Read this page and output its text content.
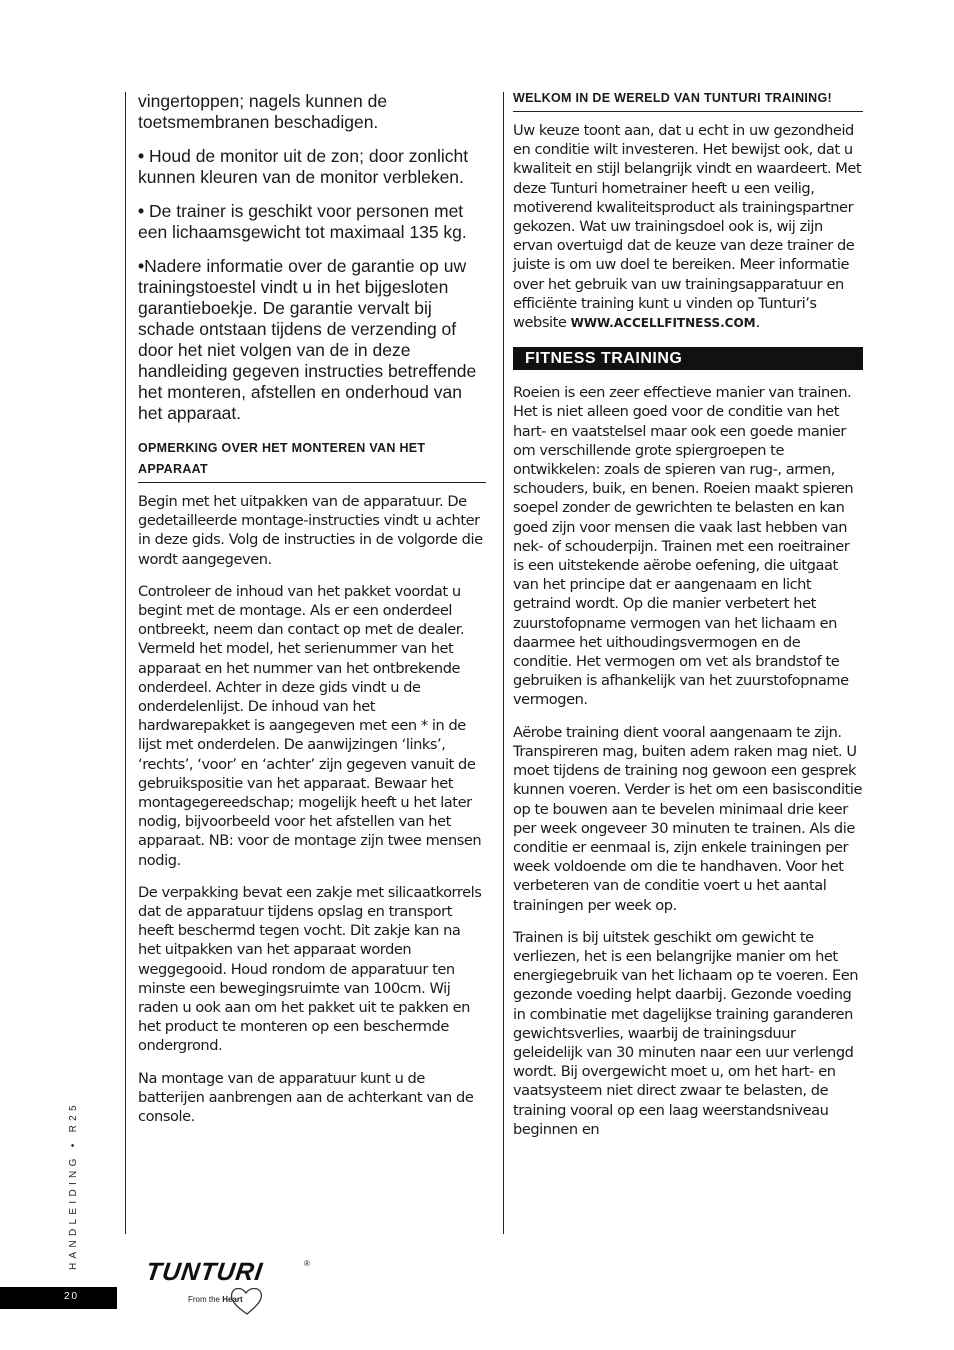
vingertoppen; nagels kunnen de toetsmembranen beschadigen.

• Houd de monitor uit de zon; door zonlicht kunnen kleuren van de monitor verbleken.

• De trainer is geschikt voor personen met een lichaamsgewicht tot maximaal 135 kg.

•Nadere informatie over de garantie op uw trainingstoestel vindt u in het bijgesloten garantieboekje. De garantie vervalt bij schade ontstaan tijdens de verzending of door het niet volgen van de in deze handleiding gegeven instructies betreffende het monteren, afstellen en onderhoud van het apparaat.

OPMERKING OVER HET MONTEREN VAN HET APPARAAT

Begin met het uitpakken van de apparatuur. De gedetailleerde montage-instructies vindt u achter in deze gids. Volg de instructies in de volgorde die wordt aangegeven.

Controleer de inhoud van het pakket voordat u begint met de montage. Als er een onderdeel ontbreekt, neem dan contact op met de dealer. Vermeld het model, het serienummer van het apparaat en het nummer van het ontbrekende onderdeel. Achter in deze gids vindt u de onderdelenlijst. De inhoud van het hardwarepakket is aangegeven met een * in de lijst met onderdelen. De aanwijzingen ‘links’, ‘rechts’, ‘voor’ en ‘achter’ zijn gegeven vanuit de gebruikspositie van het apparaat. Bewaar het montagegereedschap; mogelijk heeft u het later nodig, bijvoorbeeld voor het afstellen van het apparaat. NB: voor de montage zijn twee mensen nodig.

De verpakking bevat een zakje met silicaatkorrels dat de apparatuur tijdens opslag en transport heeft beschermd tegen vocht. Dit zakje kan na het uitpakken van het apparaat worden weggegooid. Houd rondom de apparatuur ten minste een bewegingsruimte van 100cm. Wij raden u ook aan om het pakket uit te pakken en het product te monteren op een beschermde ondergrond.

Na montage van de apparatuur kunt u de batterijen aanbrengen aan de achterkant van de console.

WELKOM IN DE WERELD VAN TUNTURI TRAINING!

Uw keuze toont aan, dat u echt in uw gezondheid en conditie wilt investeren. Het bewijst ook, dat u kwaliteit en stijl belangrijk vindt en waardeert. Met deze Tunturi hometrainer heeft u een veilig, motiverend kwaliteitsproduct als trainingspartner gekozen. Wat uw trainingsdoel ook is, wij zijn ervan overtuigd dat de keuze van deze trainer de juiste is om uw doel te bereiken. Meer informatie over het gebruik van uw trainingsapparatuur en efficiënte training kunt u vinden op Tunturi’s website WWW.ACCELLFITNESS.COM.

FITNESS TRAINING

Roeien is een zeer effectieve manier van trainen. Het is niet alleen goed voor de conditie van het hart- en vaatstelsel maar ook een goede manier om verschillende grote spiergroepen te ontwikkelen: zoals de spieren van rug-, armen, schouders, buik, en benen. Roeien maakt spieren soepel zonder de gewrichten te belasten en kan goed zijn voor mensen die vaak last hebben van nek- of schouderpijn. Trainen met een roeitrainer is een uitstekende aërobe oefening, die uitgaat van het principe dat er aangenaam en licht getraind wordt. Op die manier verbetert het zuurstofopname vermogen van het lichaam en daarmee het uithoudingsvermogen en de conditie. Het vermogen om vet als brandstof te gebruiken is afhankelijk van het zuurstofopname vermogen.

Aërobe training dient vooral aangenaam te zijn. Transpireren mag, buiten adem raken mag niet. U moet tijdens de training nog gewoon een gesprek kunnen voeren. Verder is het om een basisconditie op te bouwen aan te bevelen minimaal drie keer per week ongeveer 30 minuten te trainen. Als die conditie er eenmaal is, zijn enkele trainingen per week voldoende om die te handhaven. Voor het verbeteren van de conditie voert u het aantal trainingen per week op.

Trainen is bij uitstek geschikt om gewicht te verliezen, het is een belangrijke manier om het energiegebruik van het lichaam op te voeren. Een gezonde voeding helpt daarbij. Gezonde voeding in combinatie met dagelijkse training garanderen gewichtsverlies, waarbij de trainingsduur geleidelijk van 30 minuten naar een uur verlengd wordt. Bij overgewicht moet u, om het hart- en vaatsysteem niet direct zwaar te belasten, de training vooral op een laag weerstandsniveau beginnen en

HANDLEIDING • R25
20
TUNTURI	®
From the Heart
